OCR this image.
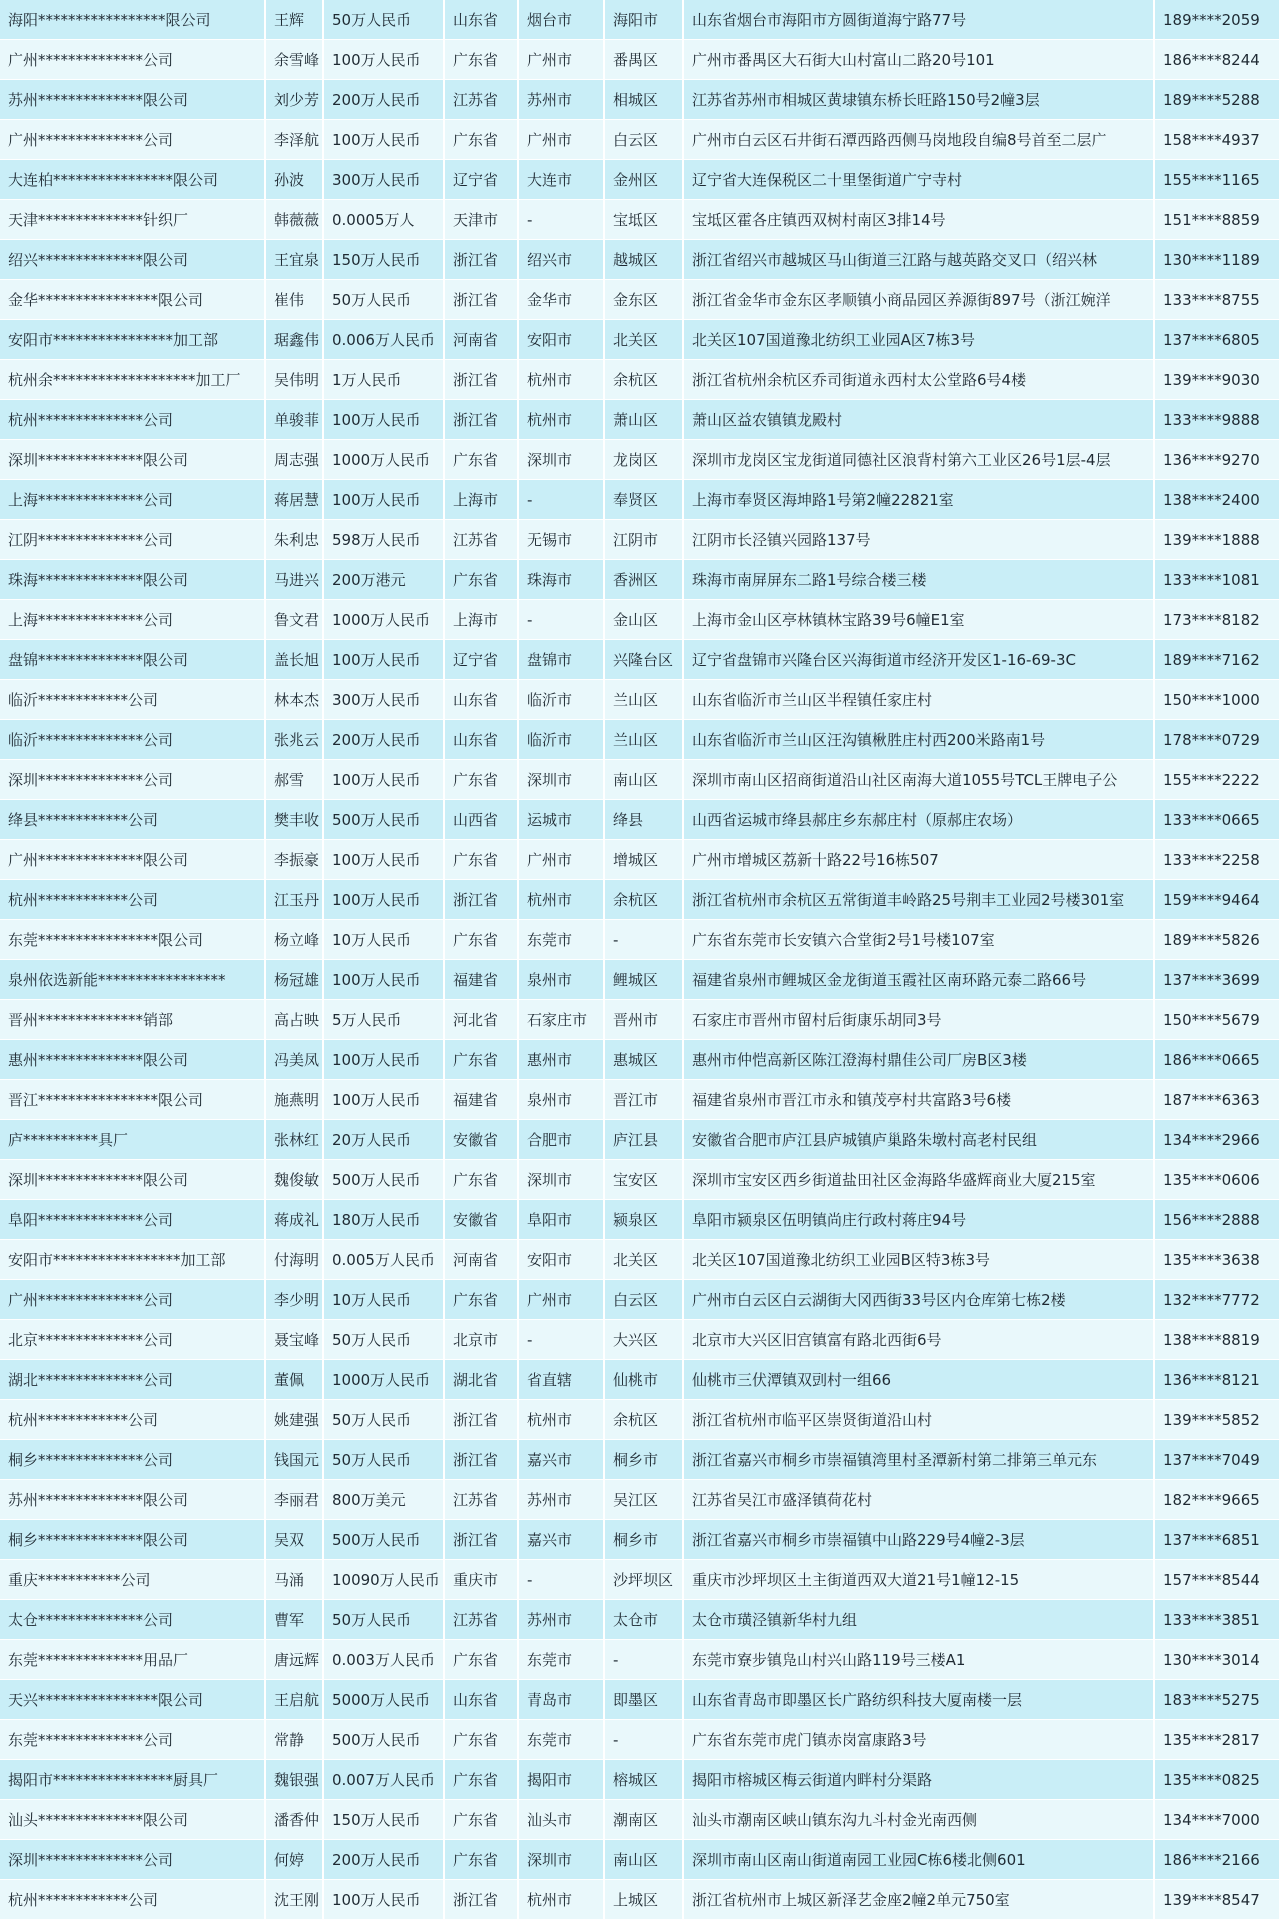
海阳*****************限公司	王辉	50万人民币	山东省	烟台市	海阳市	山东省烟台市海阳市方圆街道海宁路77号	189****2059
广州**************公司	余雪峰	100万人民币	广东省	广州市	番禺区	广州市番禺区大石街大山村富山二路20号101	186****8244
苏州**************限公司	刘少芳	200万人民币	江苏省	苏州市	相城区	江苏省苏州市相城区黄埭镇东桥长旺路150号2幢3层	189****5288
广州**************公司	李泽航	100万人民币	广东省	广州市	白云区	广州市白云区石井街石潭西路西侧马岗地段自编8号首至二层广	158****4937
大连柏****************限公司	孙波	300万人民币	辽宁省	大连市	金州区	辽宁省大连保税区二十里堡街道广宁寺村	155****1165
天津**************针织厂	韩薇薇	0.0005万人	天津市	-	宝坻区	宝坻区霍各庄镇西双树村南区3排14号	151****8859
绍兴**************限公司	王宜泉	150万人民币	浙江省	绍兴市	越城区	浙江省绍兴市越城区马山街道三江路与越英路交叉口（绍兴林	130****1189
金华****************限公司	崔伟	50万人民币	浙江省	金华市	金东区	浙江省金华市金东区孝顺镇小商品园区养源街897号（浙江婉洋	133****8755
安阳市****************加工部	琚鑫伟	0.006万人民币	河南省	安阳市	北关区	北关区107国道豫北纺织工业园A区7栋3号	137****6805
杭州余*******************加工厂	吴伟明	1万人民币	浙江省	杭州市	余杭区	浙江省杭州余杭区乔司街道永西村太公堂路6号4楼	139****9030
杭州**************公司	单骏菲	100万人民币	浙江省	杭州市	萧山区	萧山区益农镇镇龙殿村	133****9888
深圳**************限公司	周志强	1000万人民币	广东省	深圳市	龙岗区	深圳市龙岗区宝龙街道同德社区浪背村第六工业区26号1层-4层	136****9270
上海**************公司	蒋居慧	100万人民币	上海市	-	奉贤区	上海市奉贤区海坤路1号第2幢22821室	138****2400
江阴**************公司	朱利忠	598万人民币	江苏省	无锡市	江阴市	江阴市长泾镇兴园路137号	139****1888
珠海**************限公司	马进兴	200万港元	广东省	珠海市	香洲区	珠海市南屏屏东二路1号综合楼三楼	133****1081
上海**************公司	鲁文君	1000万人民币	上海市	-	金山区	上海市金山区亭林镇林宝路39号6幢E1室	173****8182
盘锦**************限公司	盖长旭	100万人民币	辽宁省	盘锦市	兴隆台区	辽宁省盘锦市兴隆台区兴海街道市经济开发区1-16-69-3C	189****7162
临沂************公司	林本杰	300万人民币	山东省	临沂市	兰山区	山东省临沂市兰山区半程镇任家庄村	150****1000
临沂**************公司	张兆云	200万人民币	山东省	临沂市	兰山区	山东省临沂市兰山区汪沟镇楸胜庄村西200米路南1号	178****0729
深圳**************公司	郝雪	100万人民币	广东省	深圳市	南山区	深圳市南山区招商街道沿山社区南海大道1055号TCL王牌电子公	155****2222
绛县************公司	樊丰收	500万人民币	山西省	运城市	绛县	山西省运城市绛县郝庄乡东郝庄村（原郝庄农场）	133****0665
广州**************限公司	李振豪	100万人民币	广东省	广州市	增城区	广州市增城区荔新十路22号16栋507	133****2258
杭州************公司	江玉丹	100万人民币	浙江省	杭州市	余杭区	浙江省杭州市余杭区五常街道丰岭路25号荆丰工业园2号楼301室	159****9464
东莞****************限公司	杨立峰	10万人民币	广东省	东莞市	-	广东省东莞市长安镇六合堂街2号1号楼107室	189****5826
泉州依选新能*****************	杨冠雄	100万人民币	福建省	泉州市	鲤城区	福建省泉州市鲤城区金龙街道玉霞社区南环路元泰二路66号	137****3699
晋州**************销部	高占映	5万人民币	河北省	石家庄市	晋州市	石家庄市晋州市留村后街康乐胡同3号	150****5679
惠州**************限公司	冯美凤	100万人民币	广东省	惠州市	惠城区	惠州市仲恺高新区陈江澄海村鼎佳公司厂房B区3楼	186****0665
晋江****************限公司	施燕明	100万人民币	福建省	泉州市	晋江市	福建省泉州市晋江市永和镇茂亭村共富路3号6楼	187****6363
庐**********具厂	张林红	20万人民币	安徽省	合肥市	庐江县	安徽省合肥市庐江县庐城镇庐巢路朱墩村高老村民组	134****2966
深圳**************限公司	魏俊敏	500万人民币	广东省	深圳市	宝安区	深圳市宝安区西乡街道盐田社区金海路华盛辉商业大厦215室	135****0606
阜阳**************公司	蒋成礼	180万人民币	安徽省	阜阳市	颍泉区	阜阳市颍泉区伍明镇尚庄行政村蒋庄94号	156****2888
安阳市*****************加工部	付海明	0.005万人民币	河南省	安阳市	北关区	北关区107国道豫北纺织工业园B区特3栋3号	135****3638
广州**************公司	李少明	10万人民币	广东省	广州市	白云区	广州市白云区白云湖街大冈西街33号区内仓库第七栋2楼	132****7772
北京**************公司	聂宝峰	50万人民币	北京市	-	大兴区	北京市大兴区旧宫镇富有路北西街6号	138****8819
湖北**************公司	董佩	1000万人民币	湖北省	省直辖	仙桃市	仙桃市三伏潭镇双剅村一组66	136****8121
杭州************公司	姚建强	50万人民币	浙江省	杭州市	余杭区	浙江省杭州市临平区崇贤街道沿山村	139****5852
桐乡**************公司	钱国元	50万人民币	浙江省	嘉兴市	桐乡市	浙江省嘉兴市桐乡市崇福镇湾里村圣潭新村第二排第三单元东	137****7049
苏州**************限公司	李丽君	800万美元	江苏省	苏州市	吴江区	江苏省吴江市盛泽镇荷花村	182****9665
桐乡**************限公司	吴双	500万人民币	浙江省	嘉兴市	桐乡市	浙江省嘉兴市桐乡市崇福镇中山路229号4幢2-3层	137****6851
重庆***********公司	马涌	10090万人民币	重庆市	-	沙坪坝区	重庆市沙坪坝区土主街道西双大道21号1幢12-15	157****8544
太仓**************公司	曹军	50万人民币	江苏省	苏州市	太仓市	太仓市璜泾镇新华村九组	133****3851
东莞**************用品厂	唐远辉	0.003万人民币	广东省	东莞市	-	东莞市寮步镇凫山村兴山路119号三楼A1	130****3014
天兴****************限公司	王启航	5000万人民币	山东省	青岛市	即墨区	山东省青岛市即墨区长广路纺织科技大厦南楼一层	183****5275
东莞**************公司	常静	500万人民币	广东省	东莞市	-	广东省东莞市虎门镇赤岗富康路3号	135****2817
揭阳市****************厨具厂	魏银强	0.007万人民币	广东省	揭阳市	榕城区	揭阳市榕城区梅云街道内畔村分渠路	135****0825
汕头**************限公司	潘香仲	150万人民币	广东省	汕头市	潮南区	汕头市潮南区峡山镇东沟九斗村金光南西侧	134****7000
深圳**************公司	何婷	200万人民币	广东省	深圳市	南山区	深圳市南山区南山街道南园工业园C栋6楼北侧601	186****2166
杭州************公司	沈王刚	100万人民币	浙江省	杭州市	上城区	浙江省杭州市上城区新泽艺金座2幢2单元750室	139****8547
